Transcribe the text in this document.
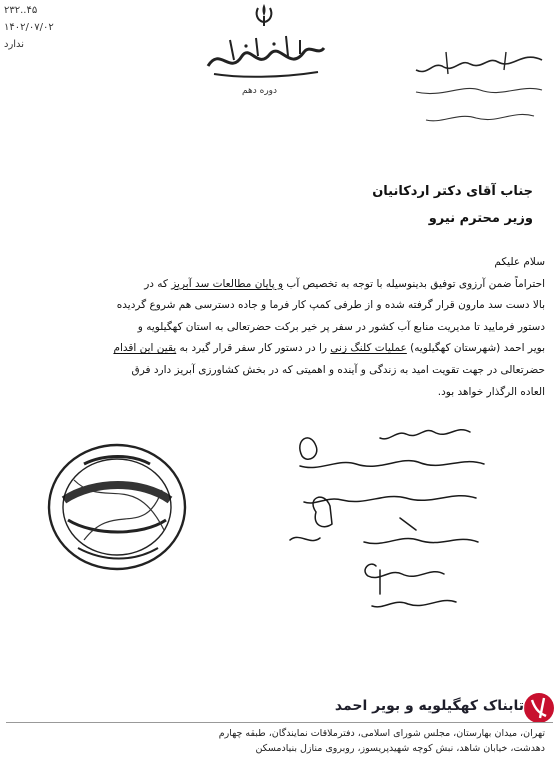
۲۳۲..۴۵
۱۴۰۲/۰۷/۰۲
ندارد
دوره دهم
جناب آقای دکتر اردکانیان
وزیر محترم نیرو

سلام علیکم

احتراماً ضمن آرزوی توفیق بدینوسیله با توجه به تخصیص آب و پایان مطالعات سد آبریز که در

بالا دست سد مارون قرار گرفته شده و از طرفی کمپ کار فرما و جاده دسترسی هم شروع گردیده

دستور فرمایید تا مدیریت منابع آب کشور در سفر پر خیر برکت حضرتعالی به استان کهگیلویه و

بویر احمد (شهرستان کهگیلویه) عملیات کلنگ زنی را در دستور کار سفر قرار گیرد به یقین این اقدام

حضرتعالی در جهت تقویت امید به زندگی و آینده و اهمیتی که در بخش کشاورزی آبریز دارد فرق

العاده الرگذار خواهد بود.

تابناک کهگیلویه و بویر احمد
تهران، میدان بهارستان، مجلس شورای اسلامی، دفترملاقات نمایندگان، طبقه چهارم
دهدشت، خیابان شاهد، نبش کوچه شهیدپریسوز، روبروی منازل بنیادمسکن
